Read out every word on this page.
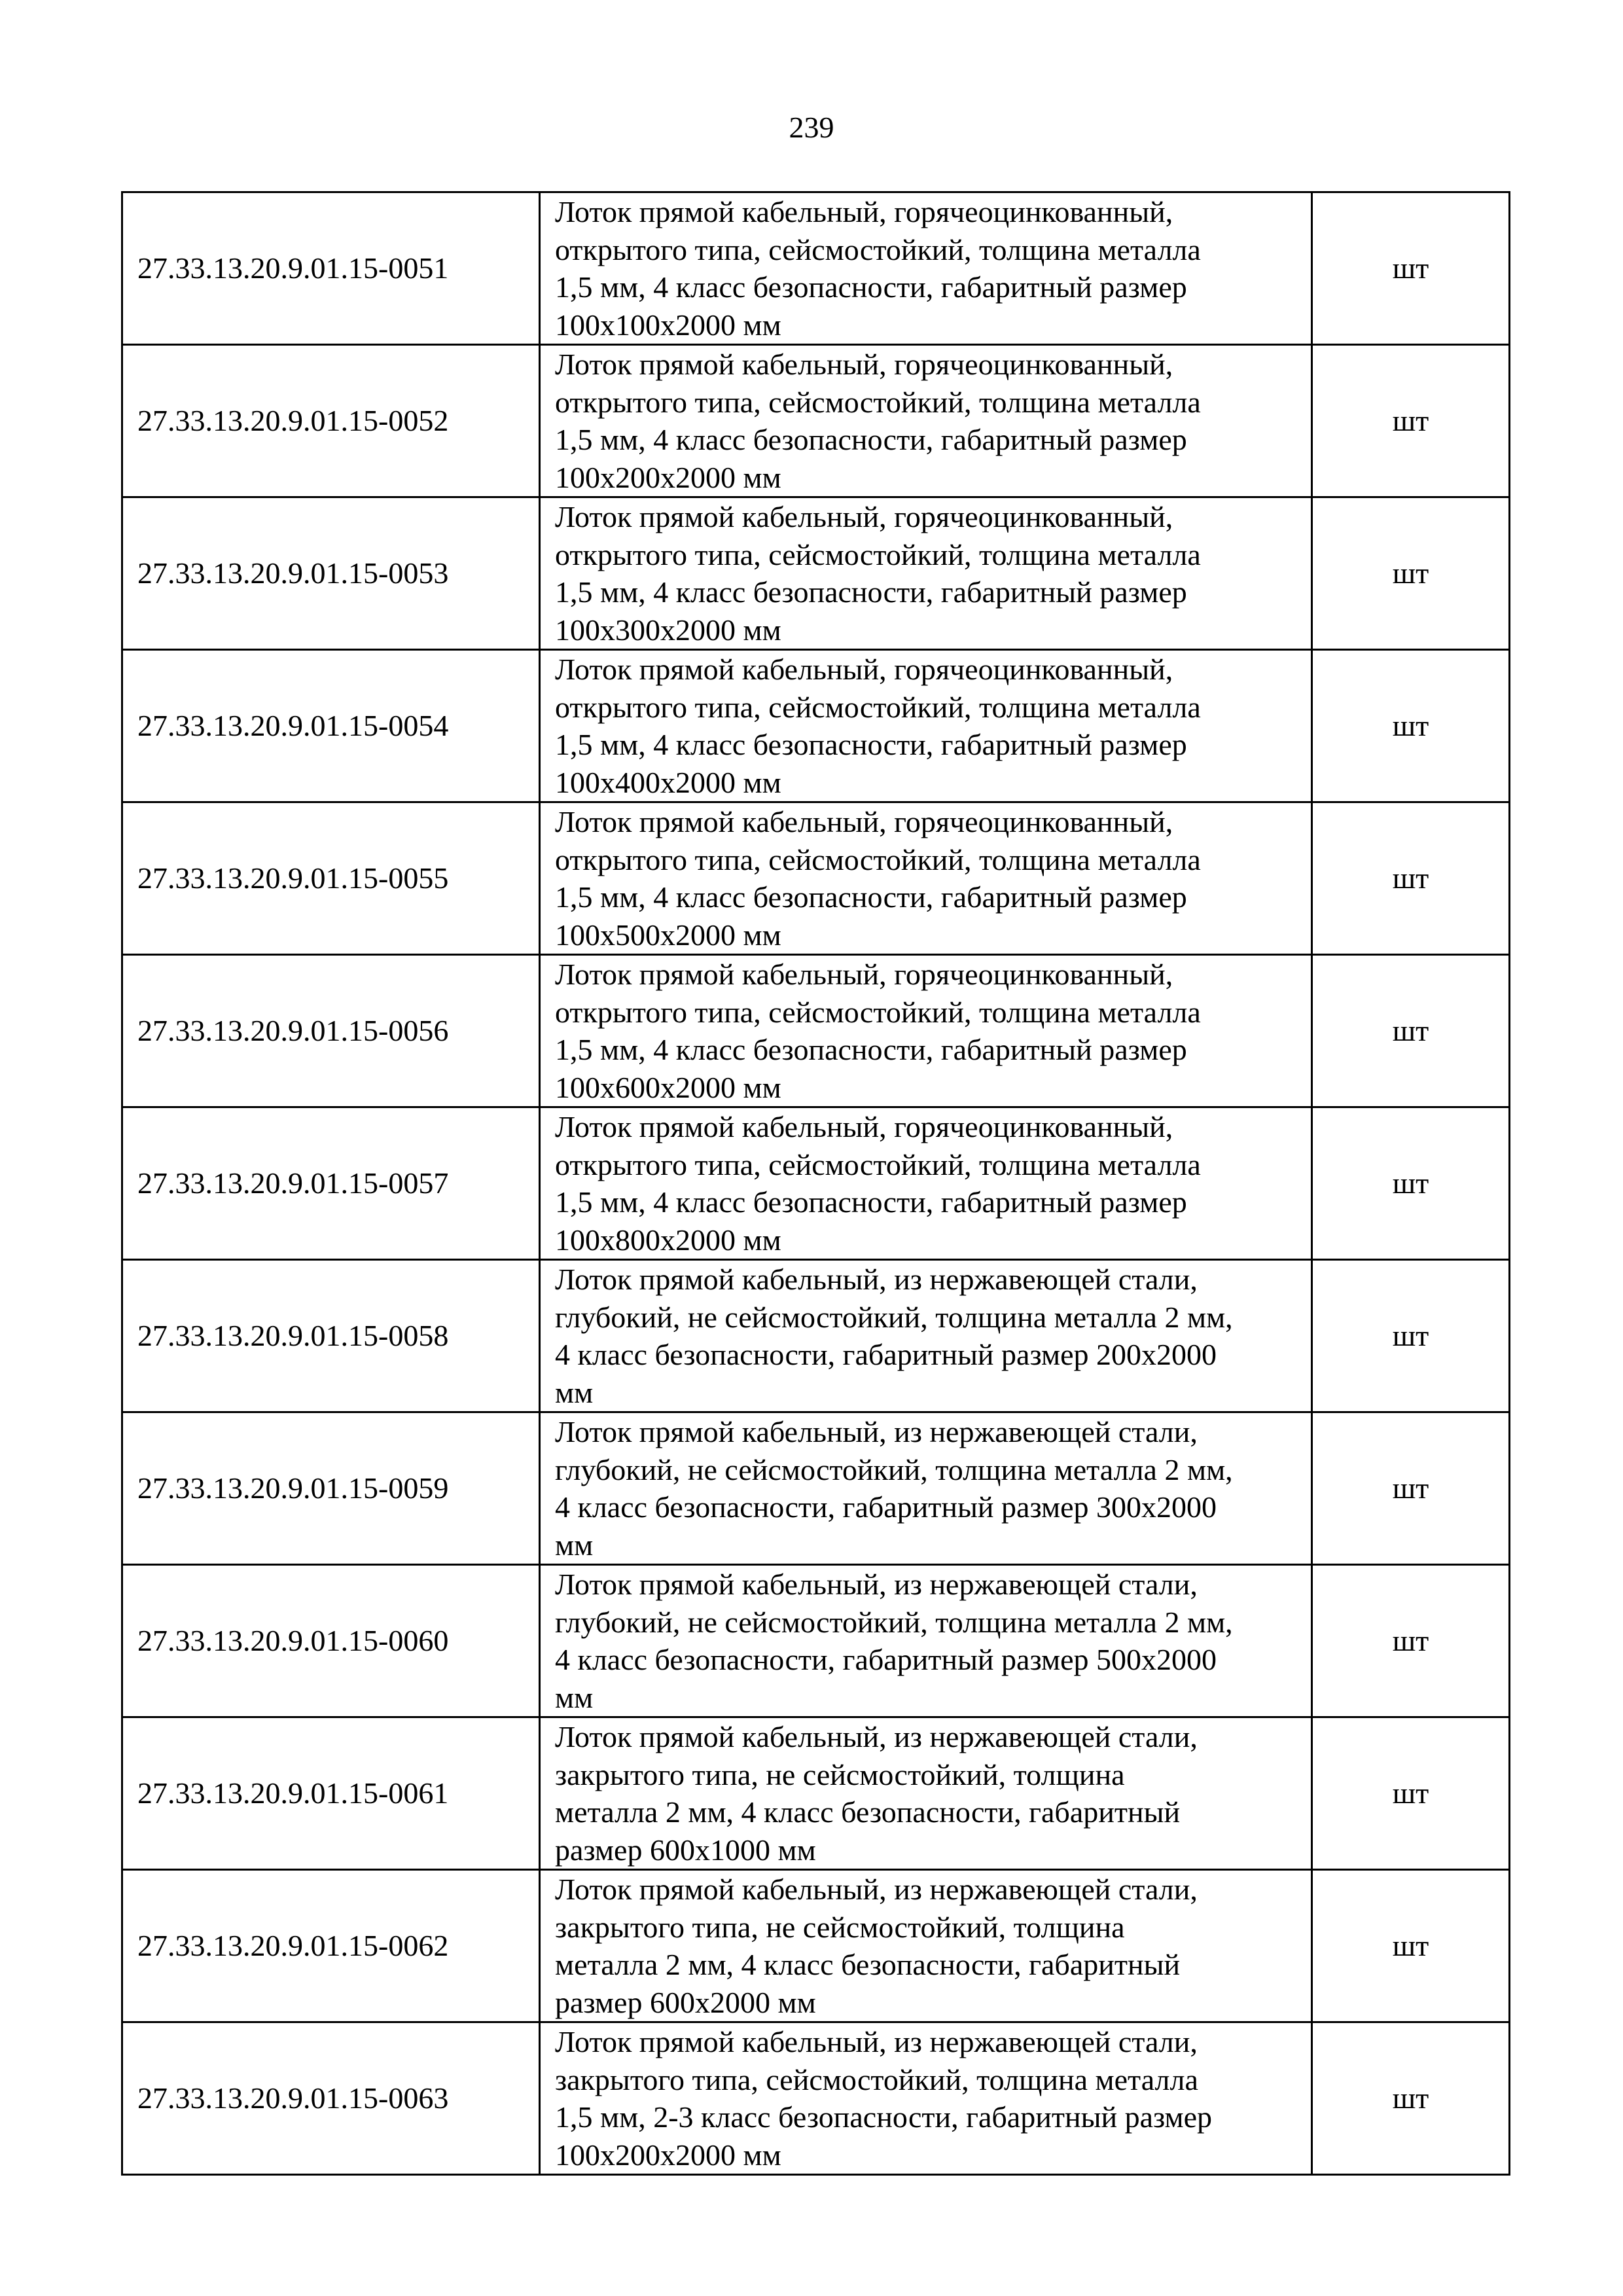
239
27.33.13.20.9.01.15-0051	Лоток прямой кабельный, горячеоцинкованный,
открытого типа, сейсмостойкий, толщина металла
1,5 мм, 4 класс безопасности, габаритный размер
100x100x2000 мм	шт
27.33.13.20.9.01.15-0052	Лоток прямой кабельный, горячеоцинкованный,
открытого типа, сейсмостойкий, толщина металла
1,5 мм, 4 класс безопасности, габаритный размер
100x200x2000 мм	шт
27.33.13.20.9.01.15-0053	Лоток прямой кабельный, горячеоцинкованный,
открытого типа, сейсмостойкий, толщина металла
1,5 мм, 4 класс безопасности, габаритный размер
100x300x2000 мм	шт
27.33.13.20.9.01.15-0054	Лоток прямой кабельный, горячеоцинкованный,
открытого типа, сейсмостойкий, толщина металла
1,5 мм, 4 класс безопасности, габаритный размер
100x400x2000 мм	шт
27.33.13.20.9.01.15-0055	Лоток прямой кабельный, горячеоцинкованный,
открытого типа, сейсмостойкий, толщина металла
1,5 мм, 4 класс безопасности, габаритный размер
100x500x2000 мм	шт
27.33.13.20.9.01.15-0056	Лоток прямой кабельный, горячеоцинкованный,
открытого типа, сейсмостойкий, толщина металла
1,5 мм, 4 класс безопасности, габаритный размер
100x600x2000 мм	шт
27.33.13.20.9.01.15-0057	Лоток прямой кабельный, горячеоцинкованный,
открытого типа, сейсмостойкий, толщина металла
1,5 мм, 4 класс безопасности, габаритный размер
100x800x2000 мм	шт
27.33.13.20.9.01.15-0058	Лоток прямой кабельный, из нержавеющей стали,
глубокий, не сейсмостойкий, толщина металла 2 мм,
4 класс безопасности, габаритный размер 200x2000
мм	шт
27.33.13.20.9.01.15-0059	Лоток прямой кабельный, из нержавеющей стали,
глубокий, не сейсмостойкий, толщина металла 2 мм,
4 класс безопасности, габаритный размер 300x2000
мм	шт
27.33.13.20.9.01.15-0060	Лоток прямой кабельный, из нержавеющей стали,
глубокий, не сейсмостойкий, толщина металла 2 мм,
4 класс безопасности, габаритный размер 500x2000
мм	шт
27.33.13.20.9.01.15-0061	Лоток прямой кабельный, из нержавеющей стали,
закрытого типа, не сейсмостойкий, толщина
металла 2 мм, 4 класс безопасности, габаритный
размер 600x1000 мм	шт
27.33.13.20.9.01.15-0062	Лоток прямой кабельный, из нержавеющей стали,
закрытого типа, не сейсмостойкий, толщина
металла 2 мм, 4 класс безопасности, габаритный
размер 600x2000 мм	шт
27.33.13.20.9.01.15-0063	Лоток прямой кабельный, из нержавеющей стали,
закрытого типа, сейсмостойкий, толщина металла
1,5 мм, 2-3 класс безопасности, габаритный размер
100x200x2000 мм	шт
